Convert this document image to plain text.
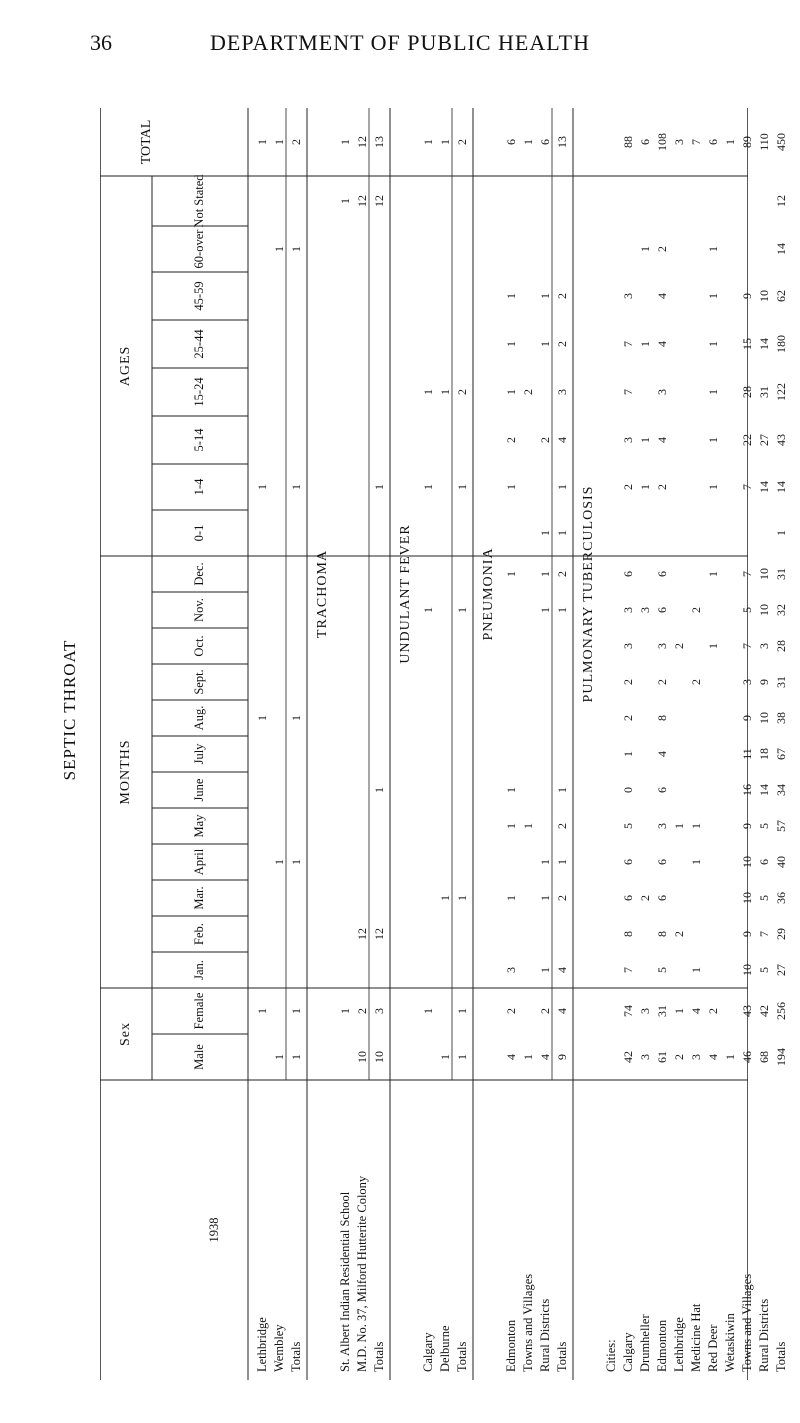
36	DEPARTMENT OF PUBLIC HEALTH
SEPTIC THROAT
Sex
MONTHS
AGES
1938
Male
Female
Jan.
Feb.
Mar.
April
May
June
July
Aug.
Sept.
Oct.
Nov.
Dec.
0-1
1-4
5-14
15-24
25-44
45-59
60-over
Not Stated
TOTAL
Lethbridge
1
1
1
1
Wembley
1
1
1
1
Totals
1
1
1
1
1
1
2
TRACHOMA
St. Albert Indian Residential School
1
1
1
M.D. No. 37, Milford Hutterite Colony
10
2
12
12
12
Totals
10
3
12
1
1
12
13
UNDULANT FEVER
Calgary
1
1
1
1
1
Delburne
1
1
1
1
Totals
1
1
1
1
1
2
2
PNEUMONIA
Edmonton
4
2
3
1
1
1
1
1
2
1
1
1
6
Towns and Villages
1
1
2
1
Rural Districts
4
2
1
1
1
1
1
1
2
1
1
6
Totals
9
4
4
2
1
2
1
1
2
1
1
4
3
2
2
13
PULMONARY TUBERCULOSIS
Cities: Calgary
42
74
7
8
6
6
5
0
1
2
2
3
3
6
2
3
7
7
3
88
Drumheller
3
3
2
3
1
1
1
1
6
Edmonton
61
31
5
8
6
6
3
6
4
8
2
3
6
6
2
4
3
4
4
2
108
Lethbridge
2
1
2
1
2
3
Medicine Hat
3
4
1
1
1
2
2
7
Red Deer
4
2
1
1
1
1
1
1
1
1
6
Wetaskiwin
1
1
Towns and Villages
46
43
10
9
10
10
9
16
11
9
3
7
5
7
7
22
28
15
9
89
Rural Districts
68
42
5
7
5
6
5
14
18
10
9
3
10
10
14
27
31
14
10
110
Totals
194
256
27
29
36
40
57
34
67
38
31
28
32
31
1
14
43
122
180
62
14
12
450
